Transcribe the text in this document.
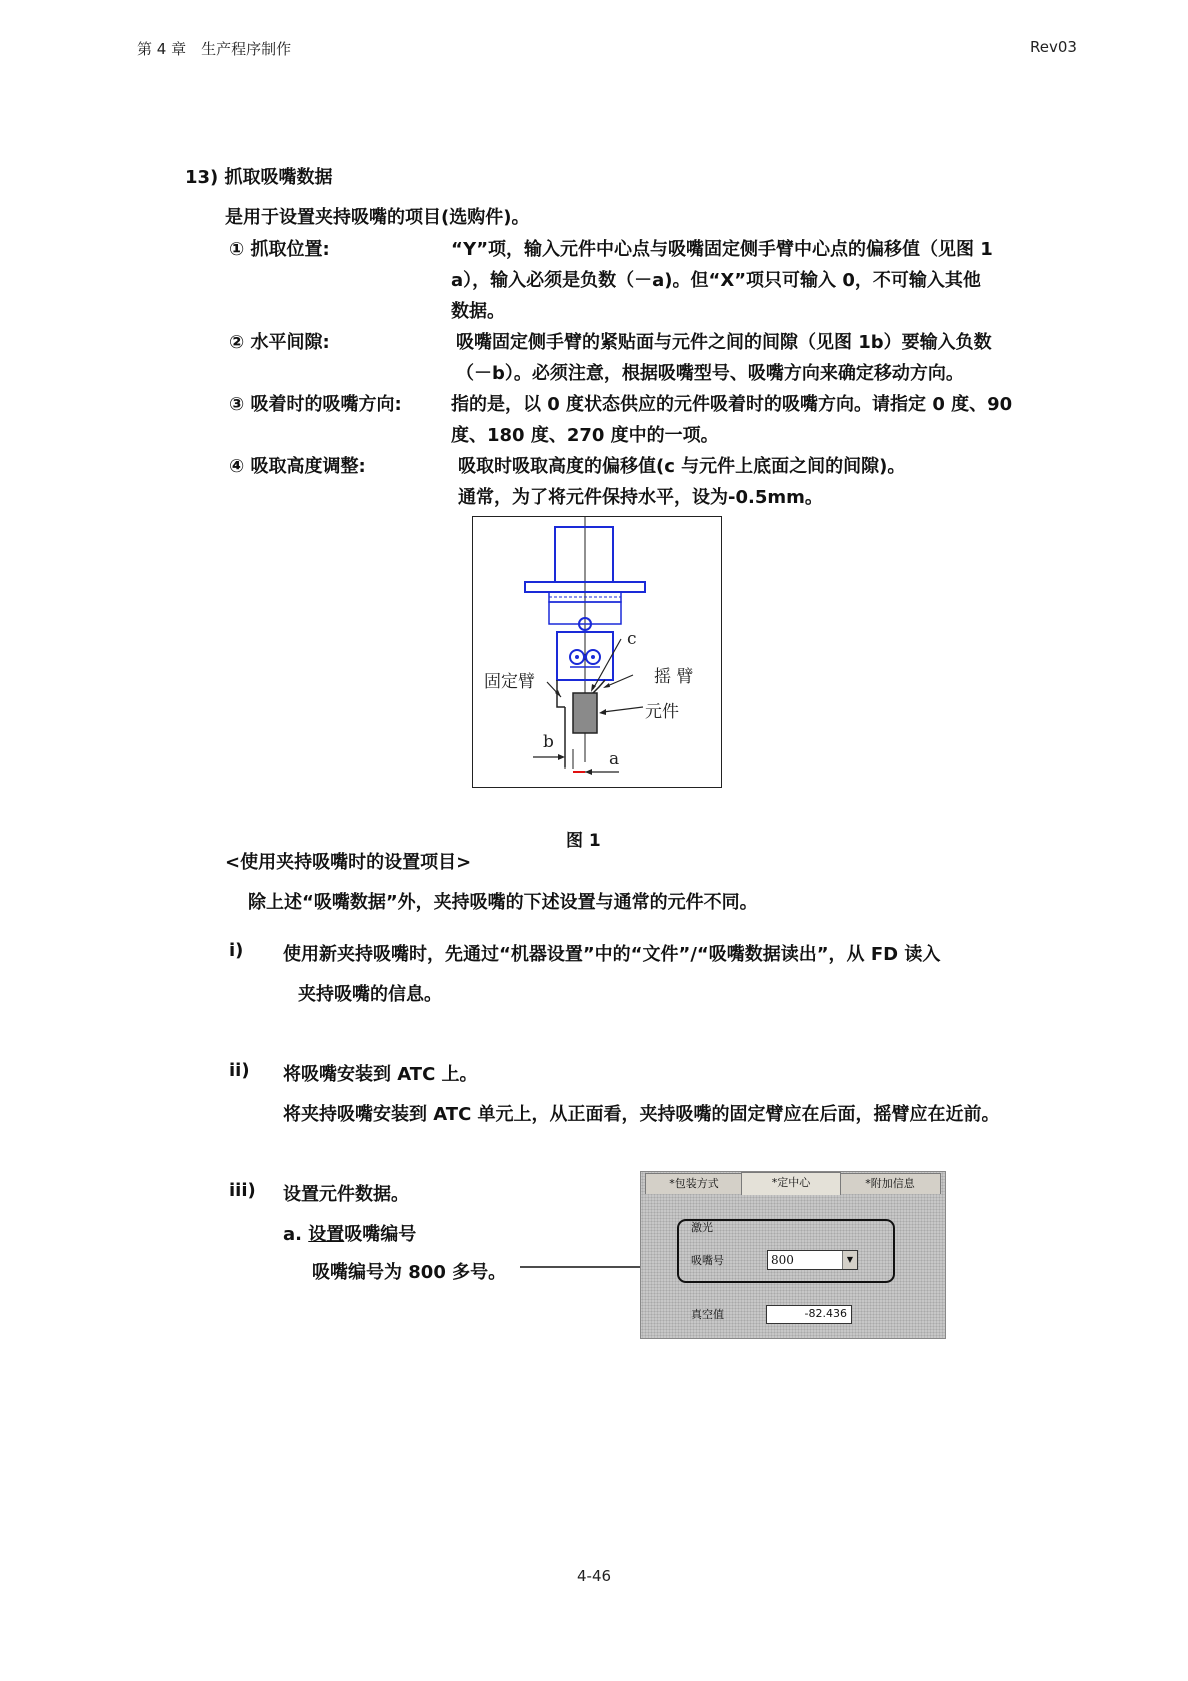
第 4 章　生产程序制作	Rev03
13) 抓取吸嘴数据
是用于设置夹持吸嘴的项目(选购件)。
① 抓取位置:	“Y”项，输入元件中心点与吸嘴固定侧手臂中心点的偏移值（见图 1
a），输入必须是负数（－a)。但“X”项只可输入 0，不可输入其他
数据。
② 水平间隙:	吸嘴固定侧手臂的紧贴面与元件之间的间隙（见图 1b）要输入负数
（－b）。必须注意，根据吸嘴型号、吸嘴方向来确定移动方向。
③ 吸着时的吸嘴方向:	指的是，以 0 度状态供应的元件吸着时的吸嘴方向。请指定 0 度、90
度、180 度、270 度中的一项。
④ 吸取高度调整:	吸取时吸取高度的偏移值(c 与元件上底面之间的间隙)。
通常，为了将元件保持水平，设为-0.5mm。
固定臂	摇 臂
元件
b
a
c
图 1
<使用夹持吸嘴时的设置项目>
除上述“吸嘴数据”外，夹持吸嘴的下述设置与通常的元件不同。
i) 使用新夹持吸嘴时，先通过“机器设置”中的“文件”/“吸嘴数据读出”，从 FD 读入
夹持吸嘴的信息。
ii) 将吸嘴安装到 ATC 上。
将夹持吸嘴安装到 ATC 单元上，从正面看，夹持吸嘴的固定臂应在后面，摇臂应在近前。
iii) 设置元件数据。
a. 设置吸嘴编号
吸嘴编号为 800 多号。
*包装方式	*定中心	*附加信息
激光
吸嘴号	800	▼
真空值	-82.436
4-46
